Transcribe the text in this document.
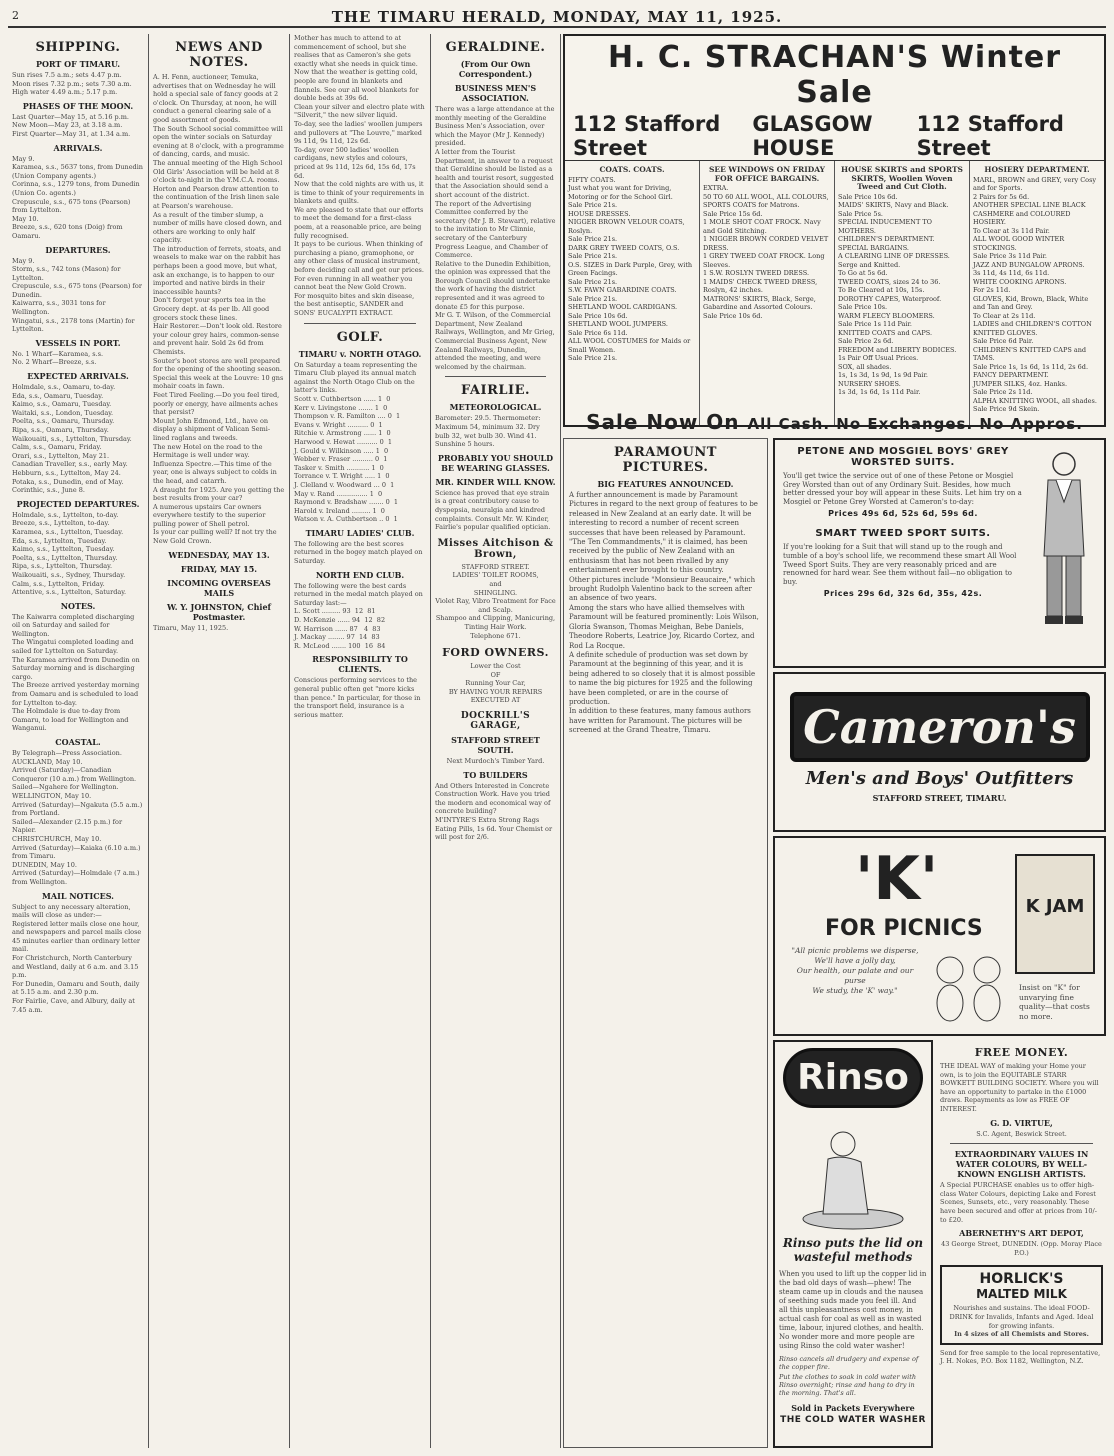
2	THE TIMARU HERALD, MONDAY, MAY 11, 1925.
SHIPPING.
PORT OF TIMARU.
Sun rises 7.5 a.m.; sets 4.47 p.m.
Moon rises 7.32 p.m.; sets 7.30 a.m.
High water 4.49 a.m.; 5.17 p.m.
PHASES OF THE MOON.
Last Quarter—May 15, at 5.16 p.m.
New Moon—May 23, at 3.18 a.m.
First Quarter—May 31, at 1.34 a.m.
ARRIVALS.
May 9.
Karamea, s.s., 5637 tons, from Dunedin (Union Company agents.)
Corinna, s.s., 1279 tons, from Dunedin (Union Co. agents.)
Crepuscule, s.s., 675 tons (Pearson) from Lyttelton.
May 10.
Breeze, s.s., 620 tons (Doig) from Oamaru.
DEPARTURES.
May 9.
Storm, s.s., 742 tons (Mason) for Lyttelton.
Crepuscule, s.s., 675 tons (Pearson) for Dunedin.
Kaiwarra, s.s., 3031 tons for Wellington.
Wingatui, s.s., 2178 tons (Martin) for Lyttelton.
VESSELS IN PORT.
No. 1 Wharf—Karamea, s.s.
No. 2 Wharf—Breeze, s.s.
EXPECTED ARRIVALS.
Holmdale, s.s., Oamaru, to-day.
Eda, s.s., Oamaru, Tuesday.
Kaimo, s.s., Oamaru, Tuesday.
Waitaki, s.s., London, Tuesday.
Poelta, s.s., Oamaru, Thursday.
Ripa, s.s., Oamaru, Thursday.
Waikouaiti, s.s., Lyttelton, Thursday.
Calm, s.s., Oamaru, Friday.
Orari, s.s., Lyttelton, May 21.
Canadian Traveller, s.s., early May.
Hebburn, s.s., Lyttelton, May 24.
Potaka, s.s., Dunedin, end of May.
Corinthic, s.s., June 8.
PROJECTED DEPARTURES.
Holmdale, s.s., Lyttelton, to-day.
Breeze, s.s., Lyttelton, to-day.
Karamea, s.s., Lyttelton, Tuesday.
Eda, s.s., Lyttelton, Tuesday.
Kaimo, s.s., Lyttelton, Tuesday.
Poelta, s.s., Lyttelton, Thursday.
Ripa, s.s., Lyttelton, Thursday.
Waikouaiti, s.s., Sydney, Thursday.
Calm, s.s., Lyttelton, Friday.
Attentive, s.s., Lyttelton, Saturday.
NOTES.
The Kaiwarra completed discharging oil on Saturday and sailed for Wellington.
The Wingatui completed loading and sailed for Lyttelton on Saturday.
The Karamea arrived from Dunedin on Saturday morning and is discharging cargo.
The Breeze arrived yesterday morning from Oamaru and is scheduled to load for Lyttelton to-day.
The Holmdale is due to-day from Oamaru, to load for Wellington and Wanganui.
COASTAL.
By Telegraph—Press Association.
AUCKLAND, May 10.
Arrived (Saturday)—Canadian Conqueror (10 a.m.) from Wellington.
Sailed—Ngahere for Wellington.
WELLINGTON, May 10.
Arrived (Saturday)—Ngakuta (5.5 a.m.) from Portland.
Sailed—Alexander (2.15 p.m.) for Napier.
CHRISTCHURCH, May 10.
Arrived (Saturday)—Kaiaka (6.10 a.m.) from Timaru.
DUNEDIN, May 10.
Arrived (Saturday)—Holmdale (7 a.m.) from Wellington.
MAIL NOTICES.
Subject to any necessary alteration, mails will close as under:—
Registered letter mails close one hour, and newspapers and parcel mails close 45 minutes earlier than ordinary letter mail.
For Christchurch, North Canterbury and Westland, daily at 6 a.m. and 3.15 p.m.
For Dunedin, Oamaru and South, daily at 5.15 a.m. and 2.30 p.m.
For Fairlie, Cave, and Albury, daily at 7.45 a.m.
NEWS AND NOTES.
A. H. Fenn, auctioneer, Temuka, advertises that on Wednesday he will hold a special sale of fancy goods at 2 o'clock. On Thursday, at noon, he will conduct a general clearing sale of a good assortment of goods.
The South School social committee will open the winter socials on Saturday evening at 8 o'clock, with a programme of dancing, cards, and music.
The annual meeting of the High School Old Girls' Association will be held at 8 o'clock to-night in the Y.M.C.A. rooms.
Horton and Pearson draw attention to the continuation of the Irish linen sale at Pearson's warehouse.
As a result of the timber slump, a number of mills have closed down, and others are working to only half capacity.
The introduction of ferrets, stoats, and weasels to make war on the rabbit has perhaps been a good move, but what, ask an exchange, is to happen to our imported and native birds in their inaccessible haunts?
Don't forget your sports tea in the Grocery dept. at 4s per lb. All good grocers stock these lines.
Hair Restorer.—Don't look old. Restore your colour grey hairs, common-sense and prevent hair. Sold 2s 6d from Chemists.
Souter's boot stores are well prepared for the opening of the shooting season.
Special this week at the Louvre: 10 gns mohair coats in fawn.
Feet Tired Feeling.—Do you feel tired, poorly or energy, have ailments aches that persist?
Mount John Edmond, Ltd., have on display a shipment of Valican Semi-lined raglans and tweeds.
The new Hotel on the road to the Hermitage is well under way.
Influenza Spectre.—This time of the year, one is always subject to colds in the head, and catarrh.
A draught for 1925. Are you getting the best results from your car?
A numerous upstairs Car owners everywhere testify to the superior pulling power of Shell petrol.
Is your car pulling well? If not try the New Gold Crown.
WEDNESDAY, MAY 13.
FRIDAY, MAY 15.
INCOMING OVERSEAS MAILS
W. Y. JOHNSTON, Chief Postmaster.
Timaru, May 11, 1925.
Mother has much to attend to at commencement of school, but she realises that as Cameron's she gets exactly what she needs in quick time.
Now that the weather is getting cold, people are found in blankets and flannels. See our all wool blankets for double beds at 39s 6d.
Clean your silver and electro plate with "Silverit," the new silver liquid.
To-day, see the ladies' woollen jumpers and pullovers at "The Louvre," marked 9s 11d, 9s 11d, 12s 6d.
To-day, over 500 ladies' woollen cardigans, new styles and colours, priced at 9s 11d, 12s 6d, 15s 6d, 17s 6d.
Now that the cold nights are with us, it is time to think of your requirements in blankets and quilts.
We are pleased to state that our efforts to meet the demand for a first-class poem, at a reasonable price, are being fully recognised.
It pays to be curious. When thinking of purchasing a piano, gramophone, or any other class of musical instrument, before deciding call and get our prices.
For even running in all weather you cannot beat the New Gold Crown.
For mosquito bites and skin disease, the best antiseptic, SANDER and SONS' EUCALYPTI EXTRACT.
GOLF.
TIMARU v. NORTH OTAGO.
On Saturday a team representing the Timaru Club played its annual match against the North Otago Club on the latter's links.
Scott v. Cuthbertson ...... 1  0
Kerr v. Livingstone ....... 1  0
Thompson v. R. Familton .... 0  1
Evans v. Wright .......... 0  1
Ritchie v. Armstrong ...... 1  0
Harwood v. Hewat .......... 0  1
J. Gould v. Wilkinson ..... 1  0
Webber v. Fraser .......... 0  1
Tasker v. Smith ........... 1  0
Torrance v. T. Wright ..... 1  0
J. Clelland v. Woodward ... 0  1
May v. Rand ............... 1  0
Raymond v. Bradshaw ....... 0  1
Harold v. Ireland ......... 1  0
Watson v. A. Cuthbertson .. 0  1
TIMARU LADIES' CLUB.
The following are the best scores returned in the bogey match played on Saturday.
NORTH END CLUB.
The following were the best cards returned in the medal match played on Saturday last:—
L. Scott ......... 93  12  81
D. McKenzie ...... 94  12  82
W. Harrison ...... 87   4  83
J. Mackay ........ 97  14  83
R. McLeod ....... 100  16  84
RESPONSIBILITY TO CLIENTS.
Conscious performing services to the general public often get "more kicks than pence." In particular, for those in the transport field, insurance is a serious matter.
GERALDINE.
(From Our Own Correspondent.)
BUSINESS MEN'S ASSOCIATION.
There was a large attendance at the monthly meeting of the Geraldine Business Men's Association, over which the Mayor (Mr J. Kennedy) presided.
A letter from the Tourist Department, in answer to a request that Geraldine should be listed as a health and tourist resort, suggested that the Association should send a short account of the district.
The report of the Advertising Committee conferred by the secretary (Mr J. B. Stewart), relative to the invitation to Mr Clinnie, secretary of the Canterbury Progress League, and Chamber of Commerce.
Relative to the Dunedin Exhibition, the opinion was expressed that the Borough Council should undertake the work of having the district represented and it was agreed to donate £5 for this purpose.
Mr G. T. Wilson, of the Commercial Department, New Zealand Railways, Wellington, and Mr Grieg, Commercial Business Agent, New Zealand Railways, Dunedin, attended the meeting, and were welcomed by the chairman.
FAIRLIE.
METEOROLOGICAL.
Barometer: 29.5. Thermometer: Maximum 54, minimum 32. Dry bulb 32, wet bulb 30. Wind 41. Sunshine 5 hours.
PROBABLY YOU SHOULD BE WEARING GLASSES.
MR. KINDER WILL KNOW.
Science has proved that eye strain is a great contributory cause to dyspepsia, neuralgia and kindred complaints. Consult Mr. W. Kinder, Fairlie's popular qualified optician.
Misses Aitchison & Brown,
STAFFORD STREET.
LADIES' TOILET ROOMS,
and
SHINGLING.
Violet Ray, Vibro Treatment for Face and Scalp.
Shampoo and Clipping, Manicuring, Tinting Hair Work.
Telephone 671.
FORD OWNERS.
Lower the Cost
OF
Running Your Car,
BY HAVING YOUR REPAIRS
EXECUTED AT
DOCKRILL'S GARAGE,
STAFFORD STREET SOUTH.
Next Murdoch's Timber Yard.
TO BUILDERS
And Others Interested in Concrete Construction Work. Have you tried the modern and economical way of concrete building?
M'INTYRE'S Extra Strong Rags Eating Pills, 1s 6d. Your Chemist or will post for 2/6.
H. C. STRACHAN'S Winter Sale
112 Stafford Street
GLASGOW HOUSE
112 Stafford Street
COATS. COATS.
FIFTY COATS.
Just what you want for Driving, Motoring or for the School Girl.
Sale Price 21s.
HOUSE DRESSES.
NIGGER BROWN VELOUR COATS, Roslyn.
Sale Price 21s.
DARK GREY TWEED COATS, O.S.
Sale Price 21s.
O.S. SIZES in Dark Purple, Grey, with Green Facings.
Sale Price 21s.
S.W. FAWN GABARDINE COATS.
Sale Price 21s.
SHETLAND WOOL CARDIGANS.
Sale Price 10s 6d.
SHETLAND WOOL JUMPERS.
Sale Price 6s 11d.
ALL WOOL COSTUMES for Maids or Small Women.
Sale Price 21s.
SEE WINDOWS ON FRIDAY FOR OFFICE BARGAINS.
EXTRA.
50 TO 60 ALL WOOL, ALL COLOURS, SPORTS COATS for Matrons.
Sale Price 15s 6d.
1 MOLE SHOT COAT FROCK. Navy and Gold Stitching.
1 NIGGER BROWN CORDED VELVET DRESS.
1 GREY TWEED COAT FROCK. Long Sleeves.
1 S.W. ROSLYN TWEED DRESS.
1 MAIDS' CHECK TWEED DRESS, Roslyn, 42 inches.
MATRONS' SKIRTS, Black, Serge, Gabardine and Assorted Colours.
Sale Price 10s 6d.
HOUSE SKIRTS and SPORTS SKIRTS, Woollen Woven Tweed and Cut Cloth.
Sale Price 10s 6d.
MAIDS' SKIRTS, Navy and Black.
Sale Price 5s.
SPECIAL INDUCEMENT TO MOTHERS.
CHILDREN'S DEPARTMENT.
SPECIAL BARGAINS.
A CLEARING LINE OF DRESSES. Serge and Knitted.
To Go at 5s 6d.
TWEED COATS, sizes 24 to 36.
To Be Cleared at 10s, 15s.
DOROTHY CAPES, Waterproof.
Sale Price 10s.
WARM FLEECY BLOOMERS.
Sale Price 1s 11d Pair.
KNITTED COATS and CAPS.
Sale Price 2s 6d.
FREEDOM and LIBERTY BODICES.
1s Pair Off Usual Prices.
SOX, all shades.
1s, 1s 3d, 1s 9d, 1s 9d Pair.
NURSERY SHOES.
1s 3d, 1s 6d, 1s 11d Pair.
HOSIERY DEPARTMENT.
MARL, BROWN and GREY, very Cosy and for Sports.
2 Pairs for 5s 6d.
ANOTHER SPECIAL LINE BLACK CASHMERE and COLOURED HOSIERY.
To Clear at 3s 11d Pair.
ALL WOOL GOOD WINTER STOCKINGS.
Sale Price 3s 11d Pair.
JAZZ AND BUNGALOW APRONS.
3s 11d, 4s 11d, 6s 11d.
WHITE COOKING APRONS.
For 2s 11d.
GLOVES, Kid, Brown, Black, White and Tan and Grey.
To Clear at 2s 11d.
LADIES and CHILDREN'S COTTON KNITTED GLOVES.
Sale Price 6d Pair.
CHILDREN'S KNITTED CAPS and TAMS.
Sale Price 1s, 1s 6d, 1s 11d, 2s 6d.
FANCY DEPARTMENT.
JUMPER SILKS, 4oz. Hanks.
Sale Price 2s 11d.
ALPHA KNITTING WOOL, all shades.
Sale Price 9d Skein.
Sale Now On All Cash. No Exchanges. No Appros.
PARAMOUNT PICTURES.
BIG FEATURES ANNOUNCED.
A further announcement is made by Paramount Pictures in regard to the next group of features to be released in New Zealand at an early date. It will be interesting to record a number of recent screen successes that have been released by Paramount. "The Ten Commandments," it is claimed, has been received by the public of New Zealand with an enthusiasm that has not been rivalled by any entertainment ever brought to this country.
Other pictures include "Monsieur Beaucaire," which brought Rudolph Valentino back to the screen after an absence of two years.
Among the stars who have allied themselves with Paramount will be featured prominently: Lois Wilson, Gloria Swanson, Thomas Meighan, Bebe Daniels, Theodore Roberts, Leatrice Joy, Ricardo Cortez, and Rod La Rocque.
A definite schedule of production was set down by Paramount at the beginning of this year, and it is being adhered to so closely that it is almost possible to name the big pictures for 1925 and the following have been completed, or are in the course of production.
In addition to these features, many famous authors have written for Paramount. The pictures will be screened at the Grand Theatre, Timaru.
PETONE AND MOSGIEL BOYS' GREY WORSTED SUITS.
You'll get twice the service out of one of these Petone or Mosgiel Grey Worsted than out of any Ordinary Suit. Besides, how much better dressed your boy will appear in these Suits. Let him try on a Mosgiel or Petone Grey Worsted at Cameron's to-day:
Prices 49s 6d, 52s 6d, 59s 6d.
SMART TWEED SPORT SUITS.
If you're looking for a Suit that will stand up to the rough and tumble of a boy's school life, we recommend these smart All Wool Tweed Sport Suits. They are very reasonably priced and are renowned for hard wear. See them without fail—no obligation to buy.
Prices 29s 6d, 32s 6d, 35s, 42s.
Cameron's
Men's and Boys' Outfitters
STAFFORD STREET, TIMARU.
'K'
FOR PICNICS
"All picnic problems we disperse,
We'll have a jolly day,
Our health, our palate and our purse
We study, the 'K' way."
K JAM
Insist on "K" for unvarying fine quality—that costs no more.
Rinso
Rinso puts the lid on wasteful methods
When you used to lift up the copper lid in the bad old days of wash—phew! The steam came up in clouds and the nausea of seething suds made you feel ill. And all this unpleasantness cost money, in actual cash for coal as well as in wasted time, labour, injured clothes, and health. No wonder more and more people are using Rinso the cold water washer!
Rinso cancels all drudgery and expense of the copper fire.
Put the clothes to soak in cold water with Rinso overnight; rinse and hang to dry in the morning. That's all.
Sold in Packets Everywhere
THE COLD WATER WASHER
FREE MONEY.
THE IDEAL WAY of making your Home your own, is to join the EQUITABLE STARR BOWKETT BUILDING SOCIETY. Where you will have an opportunity to partake in the £1000 draws. Repayments as low as FREE OF INTEREST.
G. D. VIRTUE,
S.C. Agent, Beswick Street.
EXTRAORDINARY VALUES IN WATER COLOURS, BY WELL-KNOWN ENGLISH ARTISTS.
A Special PURCHASE enables us to offer high-class Water Colours, depicting Lake and Forest Scenes, Sunsets, etc., very reasonably. These have been secured and offer at prices from 10/- to £20.
ABERNETHY'S ART DEPOT,
43 George Street, DUNEDIN. (Opp. Moray Place P.O.)
HORLICK'S
MALTED MILK
Nourishes and sustains. The ideal FOOD-DRINK for Invalids, Infants and Aged. Ideal for growing infants.
In 4 sizes of all Chemists and Stores.
Send for free sample to the local representative, J. H. Nokes, P.O. Box 1182, Wellington, N.Z.
